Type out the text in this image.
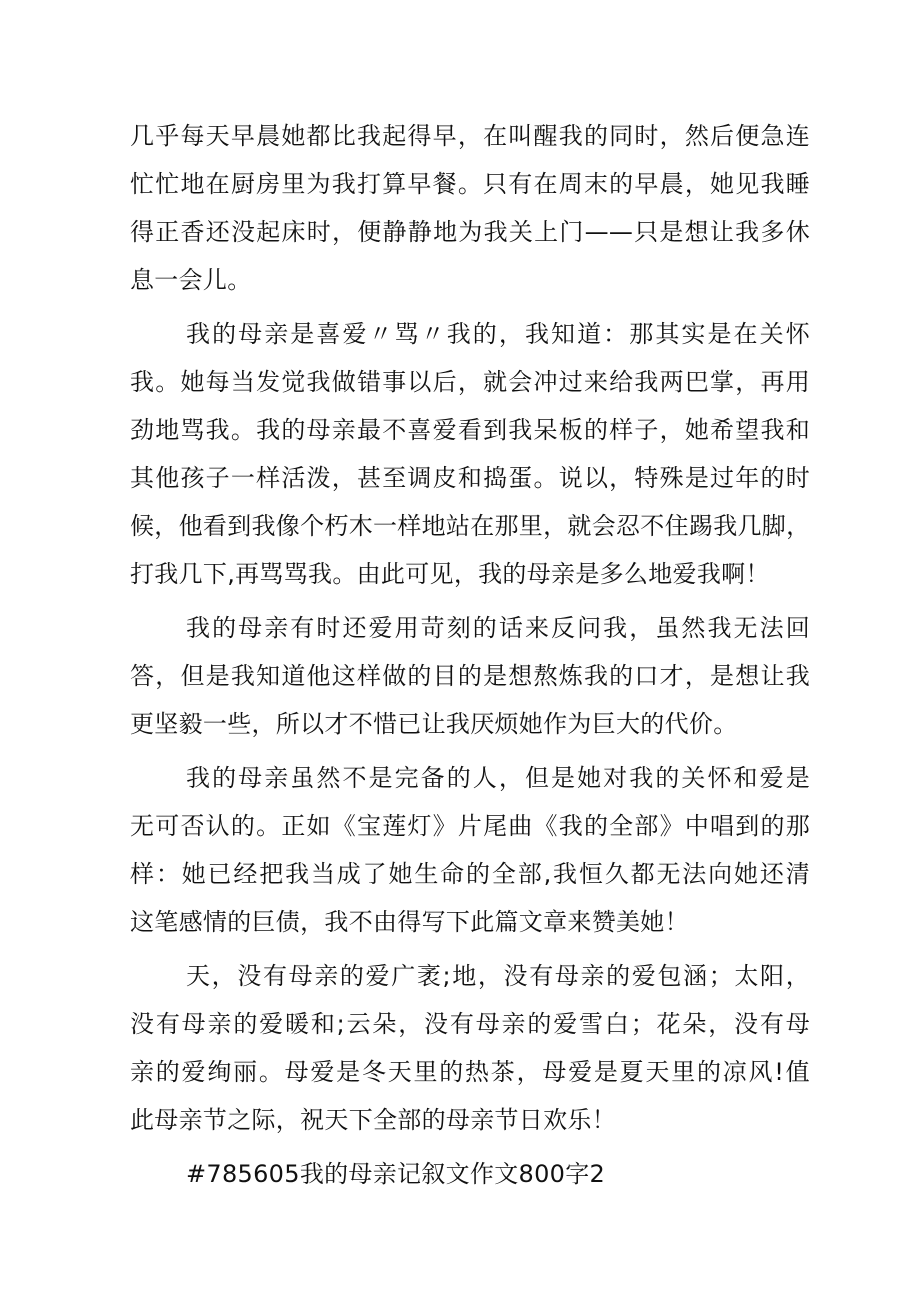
几乎每天早晨她都比我起得早，在叫醒我的同时，然后便急连
忙忙地在厨房里为我打算早餐。只有在周末的早晨，她见我睡
得正香还没起床时，便静静地为我关上门——只是想让我多休
息一会儿。
我的母亲是喜爱〃骂〃我的，我知道：那其实是在关怀
我。她每当发觉我做错事以后，就会冲过来给我两巴掌，再用
劲地骂我。我的母亲最不喜爱看到我呆板的样子，她希望我和
其他孩子一样活泼，甚至调皮和捣蛋。说以，特殊是过年的时
候，他看到我像个朽木一样地站在那里，就会忍不住踢我几脚，
打我几下,再骂骂我。由此可见，我的母亲是多么地爱我啊！
我的母亲有时还爱用苛刻的话来反问我，虽然我无法回
答，但是我知道他这样做的目的是想熬炼我的口才，是想让我
更坚毅一些，所以才不惜已让我厌烦她作为巨大的代价。
我的母亲虽然不是完备的人，但是她对我的关怀和爱是
无可否认的。正如《宝莲灯》片尾曲《我的全部》中唱到的那
样：她已经把我当成了她生命的全部,我恒久都无法向她还清
这笔感情的巨债，我不由得写下此篇文章来赞美她！
天，没有母亲的爱广袤;地，没有母亲的爱包涵；太阳，
没有母亲的爱暖和;云朵，没有母亲的爱雪白；花朵，没有母
亲的爱绚丽。母爱是冬天里的热茶，母爱是夏天里的凉风!值
此母亲节之际，祝天下全部的母亲节日欢乐！
#785605我的母亲记叙文作文800字2
